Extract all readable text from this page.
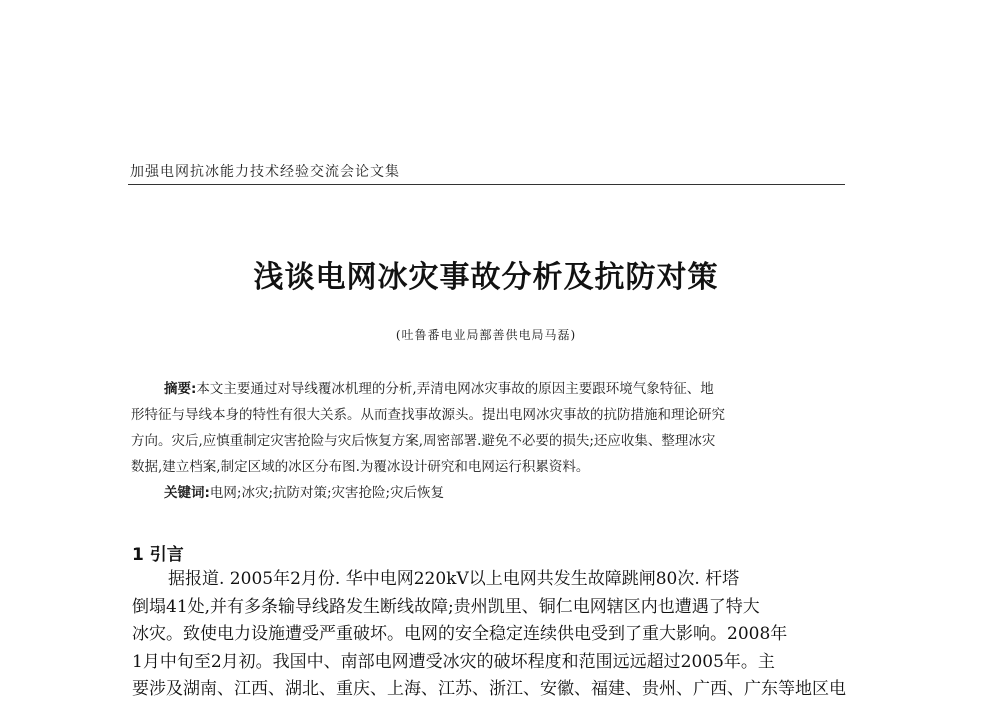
加强电网抗冰能力技术经验交流会论文集
浅谈电网冰灾事故分析及抗防对策
(吐鲁番电业局鄯善供电局马磊)
摘要:本文主要通过对导线覆冰机理的分析,弄清电网冰灾事故的原因主要跟环境气象特征、地
形特征与导线本身的特性有很大关系。从而查找事故源头。提出电网冰灾事故的抗防措施和理论研究
方向。灾后,应慎重制定灾害抢险与灾后恢复方案,周密部署.避免不必要的损失;还应收集、整理冰灾
数据,建立档案,制定区域的冰区分布图.为覆冰设计研究和电网运行积累资料。
关键词:电网;冰灾;抗防对策;灾害抢险;灾后恢复
1 引言
据报道. 2005年2月份. 华中电网220kV以上电网共发生故障跳闸80次. 杆塔
倒塌41处,并有多条输导线路发生断线故障;贵州凯里、铜仁电网辖区内也遭遇了特大
冰灾。致使电力设施遭受严重破坏。电网的安全稳定连续供电受到了重大影响。2008年
1月中旬至2月初。我国中、南部电网遭受冰灾的破坏程度和范围远远超过2005年。主
要涉及湖南、江西、湖北、重庆、上海、江苏、浙江、安徽、福建、贵州、广西、广东等地区电
